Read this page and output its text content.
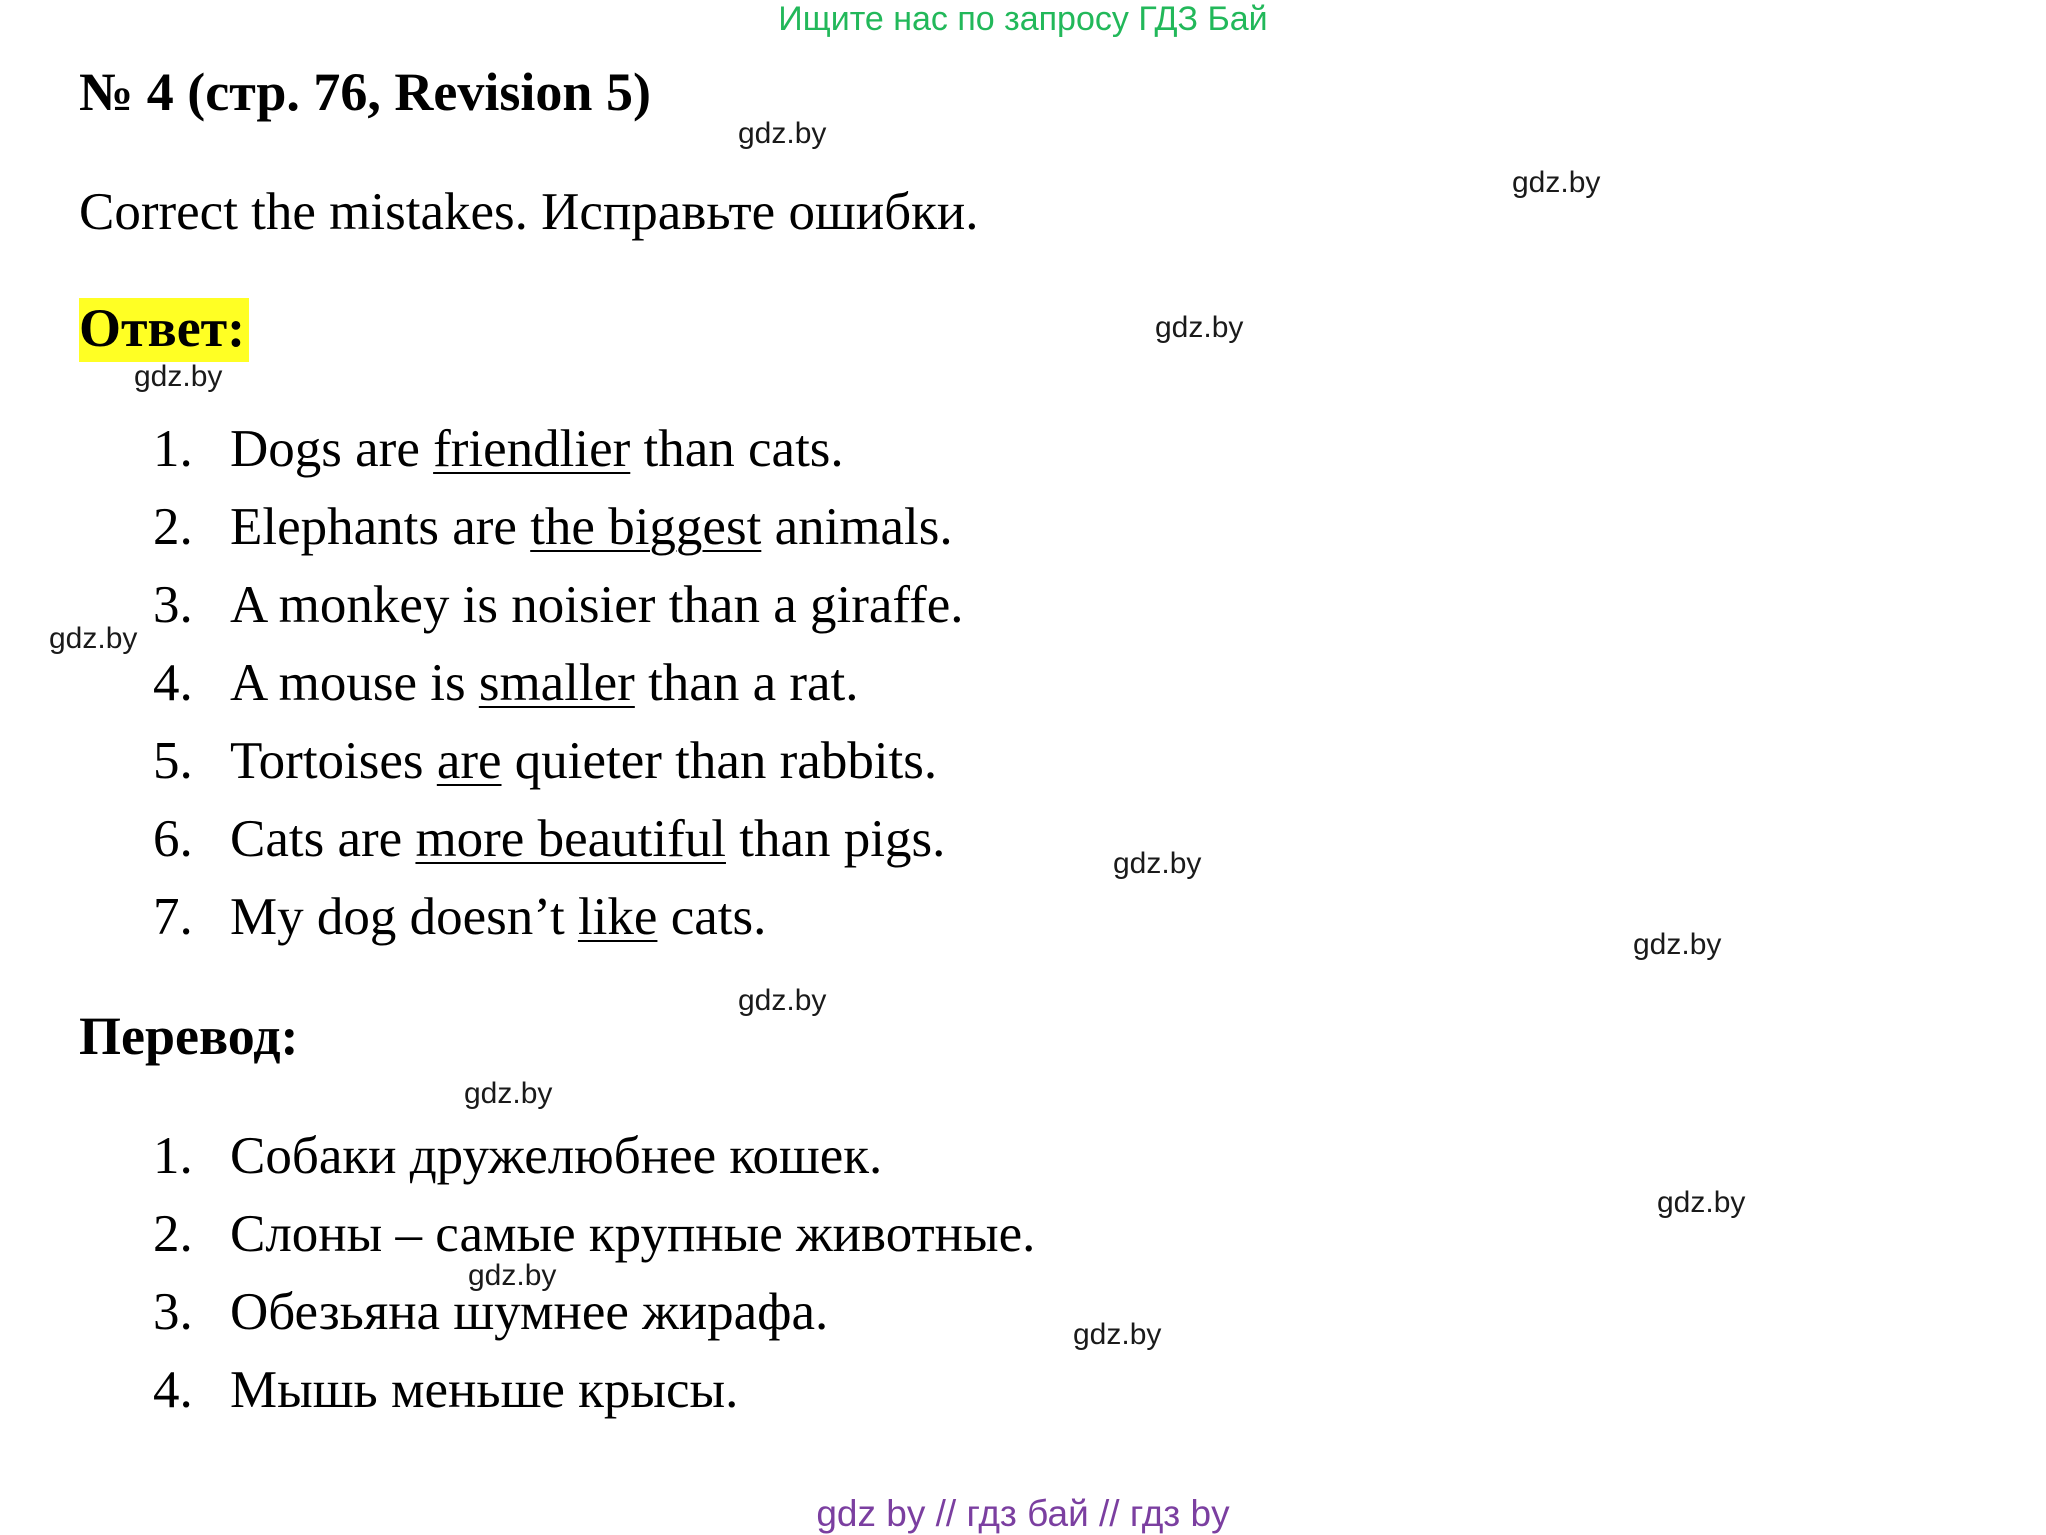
Ищите нас по запросу ГДЗ Бай
№ 4 (стр. 76, Revision 5)
Correct the mistakes. Исправьте ошибки.
Ответ:
1. Dogs are friendlier than cats.
2. Elephants are the biggest animals.
3. A monkey is noisier than a giraffe.
4. A mouse is smaller than a rat.
5. Tortoises are quieter than rabbits.
6. Cats are more beautiful than pigs.
7. My dog doesn’t like cats.
Перевод:
1. Собаки дружелюбнее кошек.
2. Слоны – самые крупные животные.
3. Обезьяна шумнее жирафа.
4. Мышь меньше крысы.
gdz.by
gdz.by
gdz.by
gdz.by
gdz.by
gdz.by
gdz.by
gdz.by
gdz.by
gdz.by
gdz.by
gdz.by
gdz by // гдз бай // гдз by
